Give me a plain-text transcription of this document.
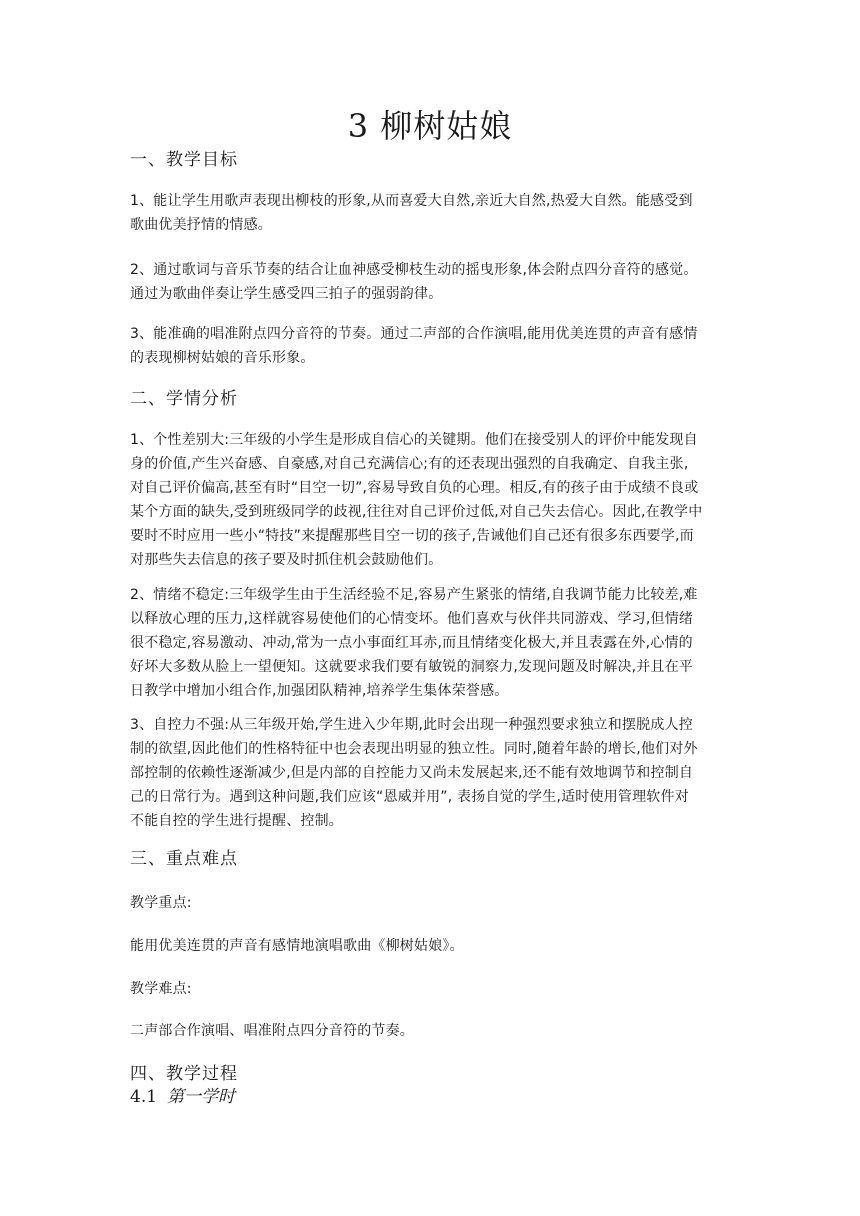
3 柳树姑娘
一、教学目标
1、能让学生用歌声表现出柳枝的形象,从而喜爱大自然,亲近大自然,热爱大自然。能感受到
歌曲优美抒情的情感。
2、通过歌词与音乐节奏的结合让血神感受柳枝生动的摇曳形象,体会附点四分音符的感觉。
通过为歌曲伴奏让学生感受四三拍子的强弱韵律。
3、能准确的唱准附点四分音符的节奏。通过二声部的合作演唱,能用优美连贯的声音有感情
的表现柳树姑娘的音乐形象。
二、学情分析
1、个性差别大:三年级的小学生是形成自信心的关键期。他们在接受别人的评价中能发现自
身的价值,产生兴奋感、自豪感,对自己充满信心;有的还表现出强烈的自我确定、自我主张,
对自己评价偏高,甚至有时“目空一切”,容易导致自负的心理。相反,有的孩子由于成绩不良或
某个方面的缺失,受到班级同学的歧视,往往对自己评价过低,对自己失去信心。因此,在教学中
要时不时应用一些小“特技”来提醒那些目空一切的孩子,告诫他们自己还有很多东西要学,而
对那些失去信息的孩子要及时抓住机会鼓励他们。
2、情绪不稳定:三年级学生由于生活经验不足,容易产生紧张的情绪,自我调节能力比较差,难
以释放心理的压力,这样就容易使他们的心情变坏。他们喜欢与伙伴共同游戏、学习,但情绪
很不稳定,容易激动、冲动,常为一点小事面红耳赤,而且情绪变化极大,并且表露在外,心情的
好坏大多数从脸上一望便知。这就要求我们要有敏锐的洞察力,发现问题及时解决,并且在平
日教学中增加小组合作,加强团队精神,培养学生集体荣誉感。
3、自控力不强:从三年级开始,学生进入少年期,此时会出现一种强烈要求独立和摆脱成人控
制的欲望,因此他们的性格特征中也会表现出明显的独立性。同时,随着年龄的增长,他们对外
部控制的依赖性逐渐减少,但是内部的自控能力又尚未发展起来,还不能有效地调节和控制自
己的日常行为。遇到这种问题,我们应该“恩威并用”, 表扬自觉的学生,适时使用管理软件对
不能自控的学生进行提醒、控制。
三、重点难点
教学重点:
能用优美连贯的声音有感情地演唱歌曲《柳树姑娘》。
教学难点:
二声部合作演唱、唱准附点四分音符的节奏。
四、教学过程
4.1 第一学时
